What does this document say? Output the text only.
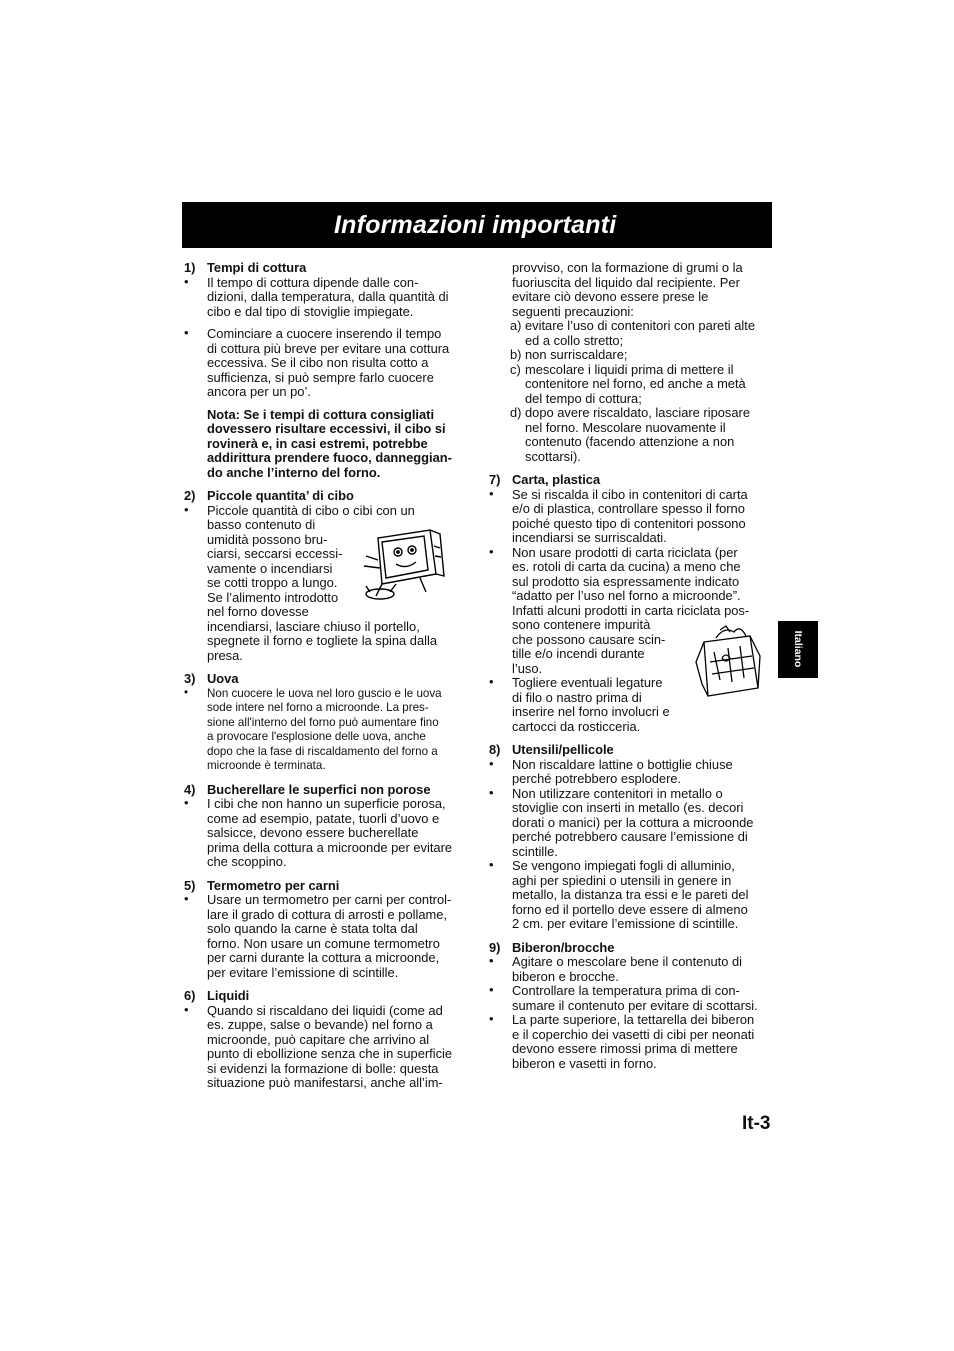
Informazioni importanti
1) Tempi di cottura
• Il tempo di cottura dipende dalle con-
dizioni, dalla temperatura, dalla quantità di
cibo e dal tipo di stoviglie impiegate.
• Cominciare a cuocere inserendo il tempo
di cottura più breve per evitare una cottura
eccessiva. Se il cibo non risulta cotto a
sufficienza, si può sempre farlo cuocere
ancora per un po’.
Nota: Se i tempi di cottura consigliati
dovessero risultare eccessivi, il cibo si
rovinerà e, in casi estremi, potrebbe
addirittura prendere fuoco, danneggian-
do anche l’interno del forno.
2) Piccole quantita’ di cibo
• Piccole quantità di cibo o cibi con un
basso contenuto di
umidità possono bru-
ciarsi, seccarsi eccessi-
vamente o incendiarsi
se cotti troppo a lungo.
Se l’alimento introdotto
nel forno dovesse
incendiarsi, lasciare chiuso il portello,
spegnete il forno e togliete la spina dalla
presa.
3) Uova
• Non cuocere le uova nel loro guscio e le uova
sode intere nel forno a microonde. La pres-
sione all'interno del forno può aumentare fino
a provocare l'esplosione delle uova, anche
dopo che la fase di riscaldamento del forno a
microonde è terminata.
4) Bucherellare le superfici non porose
• I cibi che non hanno un superficie porosa,
come ad esempio, patate, tuorli d’uovo e
salsicce, devono essere bucherellate
prima della cottura a microonde per evitare
che scoppino.
5) Termometro per carni
• Usare un termometro per carni per control-
lare il grado di cottura di arrosti e pollame,
solo quando la carne è stata tolta dal
forno. Non usare un comune termometro
per carni durante la cottura a microonde,
per evitare l’emissione di scintille.
6) Liquidi
• Quando si riscaldano dei liquidi (come ad
es. zuppe, salse o bevande) nel forno a
microonde, può capitare che arrivino al
punto di ebollizione senza che in superficie
si evidenzi la formazione di bolle: questa
situazione può manifestarsi, anche all’im-
provviso, con la formazione di grumi o la
fuoriuscita del liquido dal recipiente. Per
evitare ciò devono essere prese le
seguenti precauzioni:
a) evitare l’uso di contenitori con pareti alte
ed a collo stretto;
b) non surriscaldare;
c) mescolare i liquidi prima di mettere il
contenitore nel forno, ed anche a metà
del tempo di cottura;
d) dopo avere riscaldato, lasciare riposare
nel forno. Mescolare nuovamente il
contenuto (facendo attenzione a non
scottarsi).
7) Carta, plastica
• Se si riscalda il cibo in contenitori di carta
e/o di plastica, controllare spesso il forno
poiché questo tipo di contenitori possono
incendiarsi se surriscaldati.
• Non usare prodotti di carta riciclata (per
es. rotoli di carta da cucina) a meno che
sul prodotto sia espressamente indicato
“adatto per l’uso nel forno a microonde”.
Infatti alcuni prodotti in carta riciclata pos-
sono contenere impurità
che possono causare scin-
tille e/o incendi durante
l’uso.
• Togliere eventuali legature
di filo o nastro prima di
inserire nel forno involucri e
cartocci da rosticceria.
8) Utensili/pellicole
• Non riscaldare lattine o bottiglie chiuse
perché potrebbero esplodere.
• Non utilizzare contenitori in metallo o
stoviglie con inserti in metallo (es. decori
dorati o manici) per la cottura a microonde
perché potrebbero causare l’emissione di
scintille.
• Se vengono impiegati fogli di alluminio,
aghi per spiedini o utensili in genere in
metallo, la distanza tra essi e le pareti del
forno ed il portello deve essere di almeno
2 cm. per evitare l’emissione di scintille.
9) Biberon/brocche
• Agitare o mescolare bene il contenuto di
biberon e brocche.
• Controllare la temperatura prima di con-
sumare il contenuto per evitare di scottarsi.
• La parte superiore, la tettarella dei biberon
e il coperchio dei vasetti di cibi per neonati
devono essere rimossi prima di mettere
biberon e vasetti in forno.
Italiano
It-3
